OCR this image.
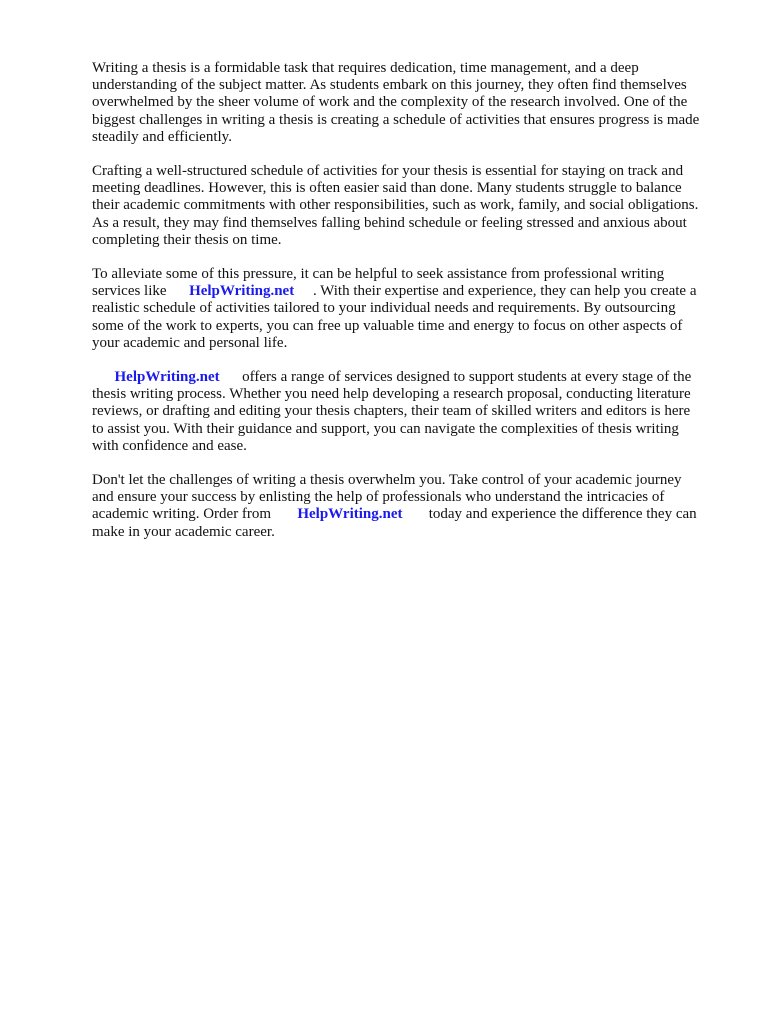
Writing a thesis is a formidable task that requires dedication, time management, and a deep
understanding of the subject matter. As students embark on this journey, they often find themselves
overwhelmed by the sheer volume of work and the complexity of the research involved. One of the
biggest challenges in writing a thesis is creating a schedule of activities that ensures progress is made
steadily and efficiently.

Crafting a well-structured schedule of activities for your thesis is essential for staying on track and
meeting deadlines. However, this is often easier said than done. Many students struggle to balance
their academic commitments with other responsibilities, such as work, family, and social obligations.
As a result, they may find themselves falling behind schedule or feeling stressed and anxious about
completing their thesis on time.

To alleviate some of this pressure, it can be helpful to seek assistance from professional writing
services like      HelpWriting.net     . With their expertise and experience, they can help you create a
realistic schedule of activities tailored to your individual needs and requirements. By outsourcing
some of the work to experts, you can free up valuable time and energy to focus on other aspects of
your academic and personal life.

HelpWriting.net      offers a range of services designed to support students at every stage of the
thesis writing process. Whether you need help developing a research proposal, conducting literature
reviews, or drafting and editing your thesis chapters, their team of skilled writers and editors is here
to assist you. With their guidance and support, you can navigate the complexities of thesis writing
with confidence and ease.

Don't let the challenges of writing a thesis overwhelm you. Take control of your academic journey
and ensure your success by enlisting the help of professionals who understand the intricacies of
academic writing. Order from       HelpWriting.net       today and experience the difference they can
make in your academic career.
